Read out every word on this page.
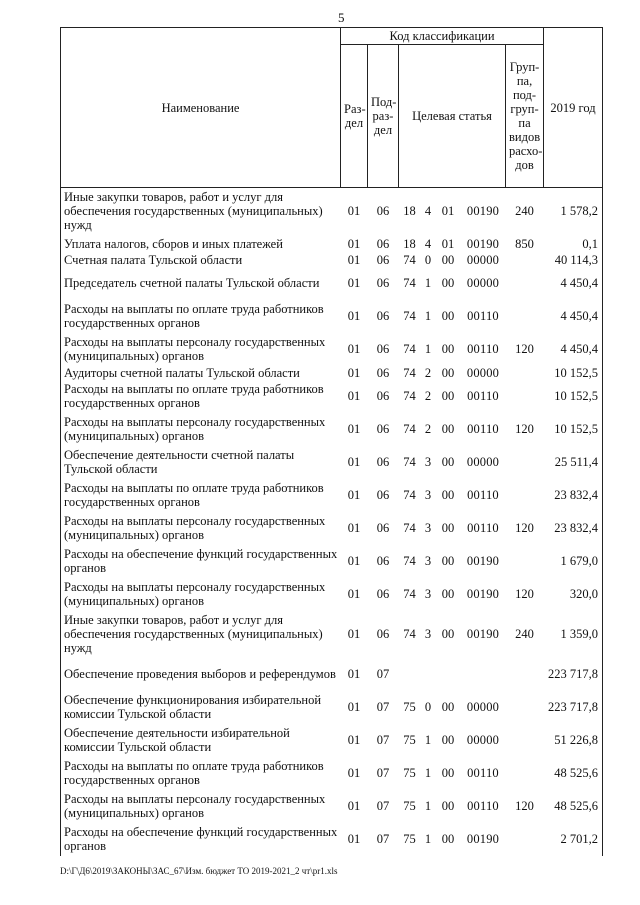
5
Наименование	Код классификации							2019 год
	Раз-дел	Под-раз-дел	Целевая статья				Груп-па, под-груп-па видов расхо-дов	
Иные закупки товаров, работ и услуг для обеспечения государственных (муниципальных) нужд	01	06	18	4	01	00190	240	1 578,2
Уплата налогов, сборов и иных платежей	01	06	18	4	01	00190	850	0,1
Счетная палата Тульской области	01	06	74	0	00	00000		40 114,3
Председатель счетной палаты Тульской области	01	06	74	1	00	00000		4 450,4
Расходы на выплаты по оплате труда работников государственных органов	01	06	74	1	00	00110		4 450,4
Расходы на выплаты персоналу государственных (муниципальных) органов	01	06	74	1	00	00110	120	4 450,4
Аудиторы счетной палаты Тульской области	01	06	74	2	00	00000		10 152,5
Расходы на выплаты по оплате труда работников государственных органов	01	06	74	2	00	00110		10 152,5
Расходы на выплаты персоналу государственных (муниципальных) органов	01	06	74	2	00	00110	120	10 152,5
Обеспечение деятельности счетной палаты Тульской области	01	06	74	3	00	00000		25 511,4
Расходы на выплаты по оплате труда работников государственных органов	01	06	74	3	00	00110		23 832,4
Расходы на выплаты персоналу государственных (муниципальных) органов	01	06	74	3	00	00110	120	23 832,4
Расходы на обеспечение функций государственных органов	01	06	74	3	00	00190		1 679,0
Расходы на выплаты персоналу государственных (муниципальных) органов	01	06	74	3	00	00190	120	320,0
Иные закупки товаров, работ и услуг для обеспечения государственных (муниципальных) нужд	01	06	74	3	00	00190	240	1 359,0
Обеспечение проведения выборов и референдумов	01	07						223 717,8
Обеспечение функционирования избирательной комиссии Тульской области	01	07	75	0	00	00000		223 717,8
Обеспечение деятельности избирательной комиссии Тульской области	01	07	75	1	00	00000		51 226,8
Расходы на выплаты по оплате труда работников государственных органов	01	07	75	1	00	00110		48 525,6
Расходы на выплаты персоналу государственных (муниципальных) органов	01	07	75	1	00	00110	120	48 525,6
Расходы на обеспечение функций государственных органов	01	07	75	1	00	00190		2 701,2
D:\Г\Д6\2019\ЗАКОНЫ\ЗАС_67\Изм. бюджет ТО 2019-2021_2 чт\pr1.xls
